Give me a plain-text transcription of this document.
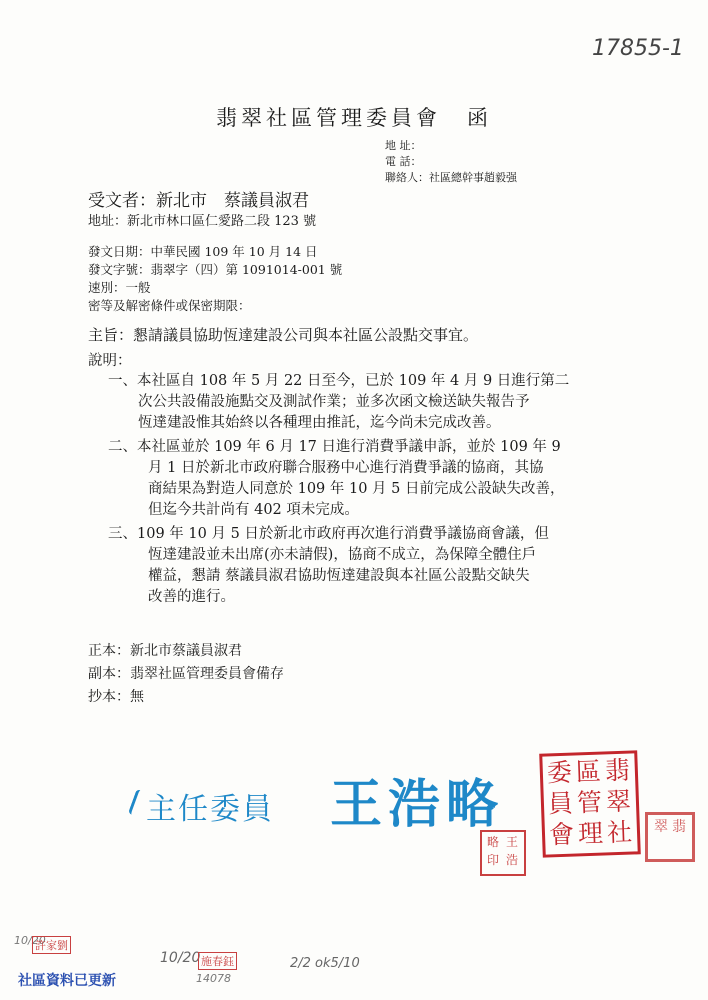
17855-1
翡翠社區管理委員會 函
地 址：
電 話：
聯絡人：社區總幹事趙毅强
受文者：新北市　蔡議員淑君
地址：新北市林口區仁愛路二段 123 號
發文日期：中華民國 109 年 10 月 14 日
發文字號：翡翠字（四）第 1091014-001 號
速別：一般
密等及解密條件或保密期限：
主旨：懇請議員協助恆達建設公司與本社區公設點交事宜。
說明：
一、本社區自 108 年 5 月 22 日至今，已於 109 年 4 月 9 日進行第二
次公共設備設施點交及測試作業；並多次函文檢送缺失報告予
恆達建設惟其始終以各種理由推託，迄今尚未完成改善。
二、本社區並於 109 年 6 月 17 日進行消費爭議申訴，並於 109 年 9
月 1 日於新北市政府聯合服務中心進行消費爭議的協商，其協
商結果為對造人同意於 109 年 10 月 5 日前完成公設缺失改善，
但迄今共計尚有 402 項未完成。
三、109 年 10 月 5 日於新北市政府再次進行消費爭議協商會議，但
恆達建設並未出席(亦未請假)，協商不成立，為保障全體住戶
權益，懇請 蔡議員淑君協助恆達建設與本社區公設點交缺失
改善的進行。
正本：新北市蔡議員淑君
副本：翡翠社區管理委員會備存
抄本：無
主任委員 王浩略
翡
翠
社
區
管
理
委
員
會
王
浩
略
印
翡
翠
10/20
許家劉
社區資料已更新
10/20 施春鈺
14078
2/2 ok5/10
